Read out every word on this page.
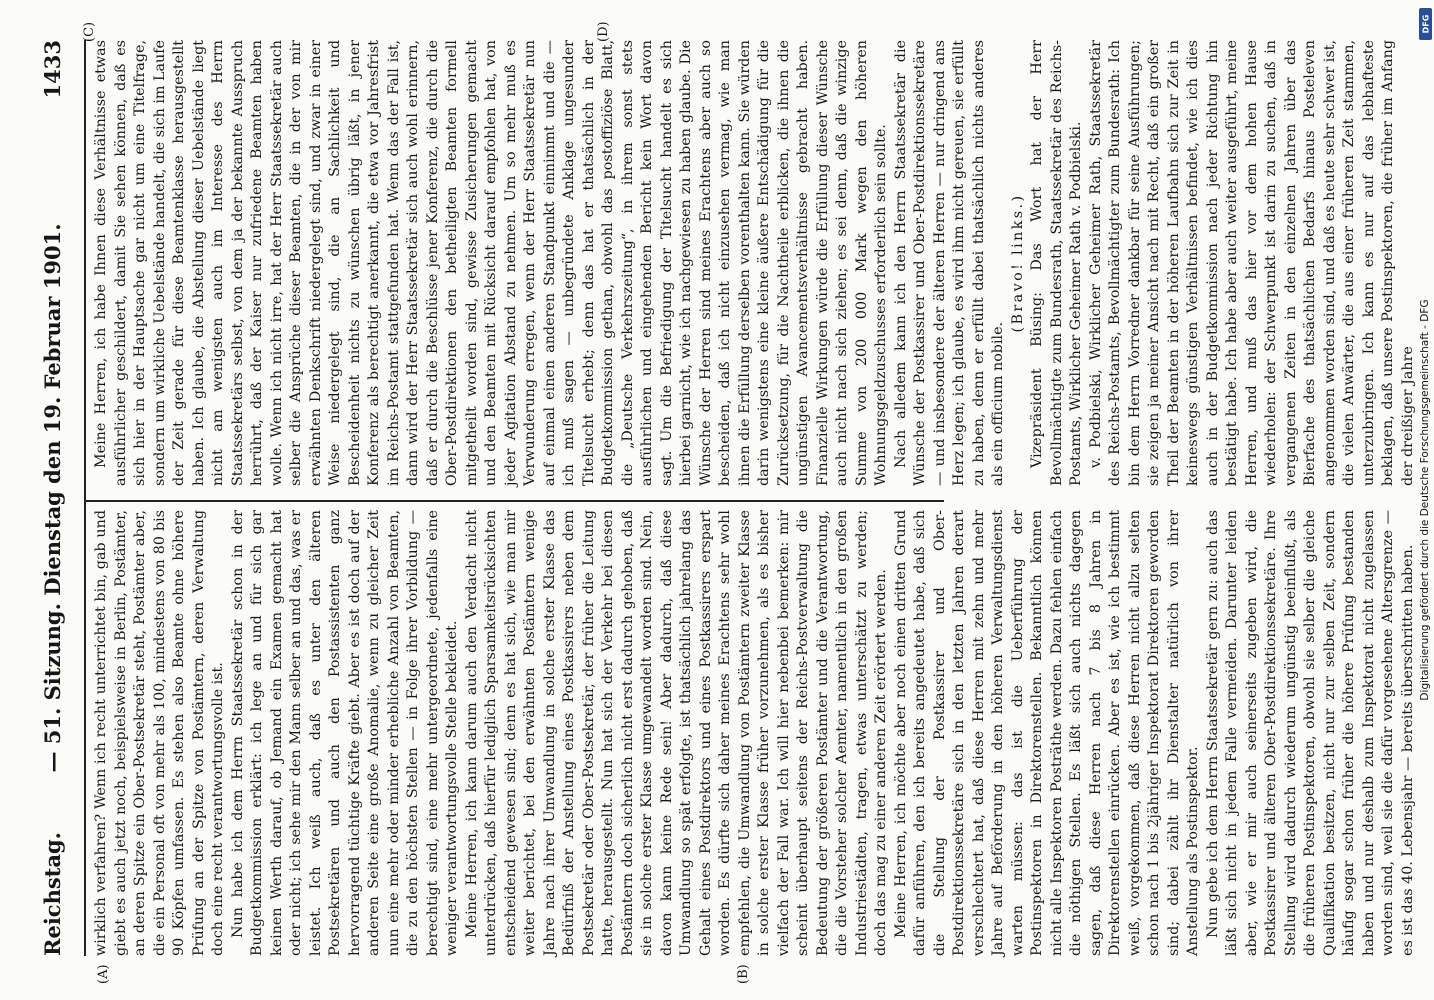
Reichstag.
— 51. Sitzung. Dienstag den 19. Februar 1901.
1433
(A)	(B)
(C)	(D)

wirklich verfahren? Wenn ich recht unterrichtet bin, gab und giebt es auch jetzt noch, beispielsweise in Berlin, Postämter, an deren Spitze ein Ober-Postsekretär steht, Postämter aber, die ein Personal oft von mehr als 100, mindestens von 80 bis 90 Köpfen umfassen. Es stehen also Beamte ohne höhere Prüfung an der Spitze von Postämtern, deren Verwaltung doch eine recht verantwortungsvolle ist. Nun habe ich dem Herrn Staatssekretär schon in der Budgetkommission erklärt: ich lege an und für sich gar keinen Werth darauf, ob Jemand ein Examen gemacht hat oder nicht; ich sehe mir den Mann selber an und das, was er leistet. Ich weiß auch, daß es unter den älteren Postsekretären und auch den Postassistenten ganz hervorragend tüchtige Kräfte giebt. Aber es ist doch auf der anderen Seite eine große Anomalie, wenn zu gleicher Zeit nun eine mehr oder minder erhebliche Anzahl von Beamten, die zu den höchsten Stellen — in Folge ihrer Vorbildung — berechtigt sind, eine mehr untergeordnete, jedenfalls eine weniger verantwortungsvolle Stelle bekleidet. Meine Herren, ich kann darum auch den Verdacht nicht unterdrücken, daß hierfür lediglich Sparsamkeitsrücksichten entscheidend gewesen sind; denn es hat sich, wie man mir weiter berichtet, bei den erwähnten Postämtern wenige Jahre nach ihrer Umwandlung in solche erster Klasse das Bedürfniß der Anstellung eines Postkassirers neben dem Postsekretär oder Ober-Postsekretär, der früher die Leitung hatte, herausgestellt. Nun hat sich der Verkehr bei diesen Postämtern doch sicherlich nicht erst dadurch gehoben, daß sie in solche erster Klasse umgewandelt worden sind. Nein, davon kann keine Rede sein! Aber dadurch, daß diese Umwandlung so spät erfolgte, ist thatsächlich jahrelang das Gehalt eines Postdirektors und eines Postkassirers erspart worden. Es dürfte sich daher meines Erachtens sehr wohl empfehlen, die Umwandlung von Postämtern zweiter Klasse in solche erster Klasse früher vorzunehmen, als es bisher vielfach der Fall war. Ich will hier nebenbei bemerken: mir scheint überhaupt seitens der Reichs-Postverwaltung die Bedeutung der größeren Postämter und die Verantwortung, die die Vorsteher solcher Aemter, namentlich in den großen Industriestädten, tragen, etwas unterschätzt zu werden; doch das mag zu einer anderen Zeit erörtert werden. Meine Herren, ich möchte aber noch einen dritten Grund dafür anführen, den ich bereits angedeutet habe, daß sich die Stellung der Postkassirer und Ober-Postdirektionssekretäre sich in den letzten Jahren derart verschlechtert hat, daß diese Herren mit zehn und mehr Jahre auf Beförderung in den höheren Verwaltungsdienst warten müssen: das ist die Ueberführung der Postinspektoren in Direktorenstellen. Bekanntlich können nicht alle Inspektoren Posträthe werden. Dazu fehlen einfach die nöthigen Stellen. Es läßt sich auch nichts dagegen sagen, daß diese Herren nach 7 bis 8 Jahren in Direktorenstellen einrücken. Aber es ist, wie ich bestimmt weiß, vorgekommen, daß diese Herren nicht allzu selten schon nach 1 bis 2jähriger Inspektorat Direktoren geworden sind; dabei zählt ihr Dienstalter natürlich von ihrer Anstellung als Postinspektor. Nun gebe ich dem Herrn Staatssekretär gern zu: auch das läßt sich nicht in jedem Falle vermeiden. Darunter leiden aber, wie er mir auch seinerseits zugeben wird, die Postkassirer und älteren Ober-Postdirektionssekretäre. Ihre Stellung wird dadurch wiederum ungünstig beeinflußt, als die früheren Postinspektoren, obwohl sie selber die gleiche Qualifikation besitzen, nicht nur zur selben Zeit, sondern häufig sogar schon früher die höhere Prüfung bestanden haben und nur deshalb zum Inspektorat nicht zugelassen worden sind, weil sie die dafür vorgesehene Altersgrenze — es ist das 40. Lebensjahr — bereits überschritten haben.

Meine Herren, ich habe Ihnen diese Verhältnisse etwas ausführlicher geschildert, damit Sie sehen können, daß es sich hier in der Hauptsache gar nicht um eine Titelfrage, sondern um wirkliche Uebelstände handelt, die sich im Laufe der Zeit gerade für diese Beamtenklasse herausgestellt haben. Ich glaube, die Abstellung dieser Uebelstände liegt nicht am wenigsten auch im Interesse des Herrn Staatssekretärs selbst, von dem ja der bekannte Ausspruch herrührt, daß der Kaiser nur zufriedene Beamten haben wolle. Wenn ich nicht irre, hat der Herr Staatssekretär auch selber die Ansprüche dieser Beamten, die in der von mir erwähnten Denkschrift niedergelegt sind, und zwar in einer Weise niedergelegt sind, die an Sachlichkeit und Bescheidenheit nichts zu wünschen übrig läßt, in jener Konferenz als berechtigt anerkannt, die etwa vor Jahresfrist im Reichs-Postamt stattgefunden hat. Wenn das der Fall ist, dann wird der Herr Staatssekretär sich auch wohl erinnern, daß er durch die Beschlüsse jener Konferenz, die durch die Ober-Postdirektionen den betheiligten Beamten formell mitgetheilt worden sind, gewisse Zusicherungen gemacht und den Beamten mit Rücksicht darauf empfohlen hat, von jeder Agitation Abstand zu nehmen. Um so mehr muß es Verwunderung erregen, wenn der Herr Staatssekretär nun auf einmal einen anderen Standpunkt einnimmt und die — ich muß sagen — unbegründete Anklage ungesunder Titelsucht erhebt; denn das hat er thatsächlich in der Budgetkommission gethan, obwohl das postoffiziöse Blatt, die „Deutsche Verkehrszeitung“, in ihrem sonst stets ausführlichen und eingehenden Bericht kein Wort davon sagt. Um die Befriedigung der Titelsucht handelt es sich hierbei garnicht, wie ich nachgewiesen zu haben glaube. Die Wünsche der Herren sind meines Erachtens aber auch so bescheiden, daß ich nicht einzusehen vermag, wie man ihnen die Erfüllung derselben vorenthalten kann. Sie würden darin wenigstens eine kleine äußere Entschädigung für die Zurücksetzung, für die Nachtheile erblicken, die ihnen die ungünstigen Avancementsverhältnisse gebracht haben. Finanzielle Wirkungen würde die Erfüllung dieser Wünsche auch nicht nach sich ziehen; es sei denn, daß die winzige Summe von 200 000 Mark wegen den höheren Wohnungsgeldzuschusses erforderlich sein sollte. Nach alledem kann ich den Herrn Staatssekretär die Wünsche der Postkassirer und Ober-Postdirektionssekretäre — und insbesondere der älteren Herren — nur dringend ans Herz legen; ich glaube, es wird ihm nicht gereuen, sie erfüllt zu haben, denn er erfüllt dabei thatsächlich nichts anderes als ein officium nobile.

(Bravo! links.) Vizepräsident Büsing: Das Wort hat der Herr Bevollmächtigte zum Bundesrath, Staatssekretär des Reichs-Postamts, Wirklicher Geheimer Rath v. Podbielski. v. Podbielski, Wirklicher Geheimer Rath, Staatssekretär des Reichs-Postamts, Bevollmächtigter zum Bundesrath: Ich bin dem Herrn Vorredner dankbar für seine Ausführungen; sie zeigen ja meiner Ansicht nach mit Recht, daß ein großer Theil der Beamten in der höheren Laufbahn sich zur Zeit in keineswegs günstigen Verhältnissen befindet, wie ich dies auch in der Budgetkommission nach jeder Richtung hin bestätigt habe. Ich habe aber auch weiter ausgeführt, meine Herren, und muß das hier vor dem hohen Hause wiederholen: der Schwerpunkt ist darin zu suchen, daß in vergangenen Zeiten in den einzelnen Jahren über das Bierfache des thatsächlichen Bedarfs hinaus Posteleven angenommen worden sind, und daß es heute sehr schwer ist, die vielen Anwärter, die aus einer früheren Zeit stammen, unterzubringen. Ich kann es nur auf das lebhafteste beklagen, daß unsere Postinspektoren, die früher im Anfang der dreißiger Jahre Digitalisierung gefördert durch die Deutsche Forschungsgemeinschaft - DFG
DFG
